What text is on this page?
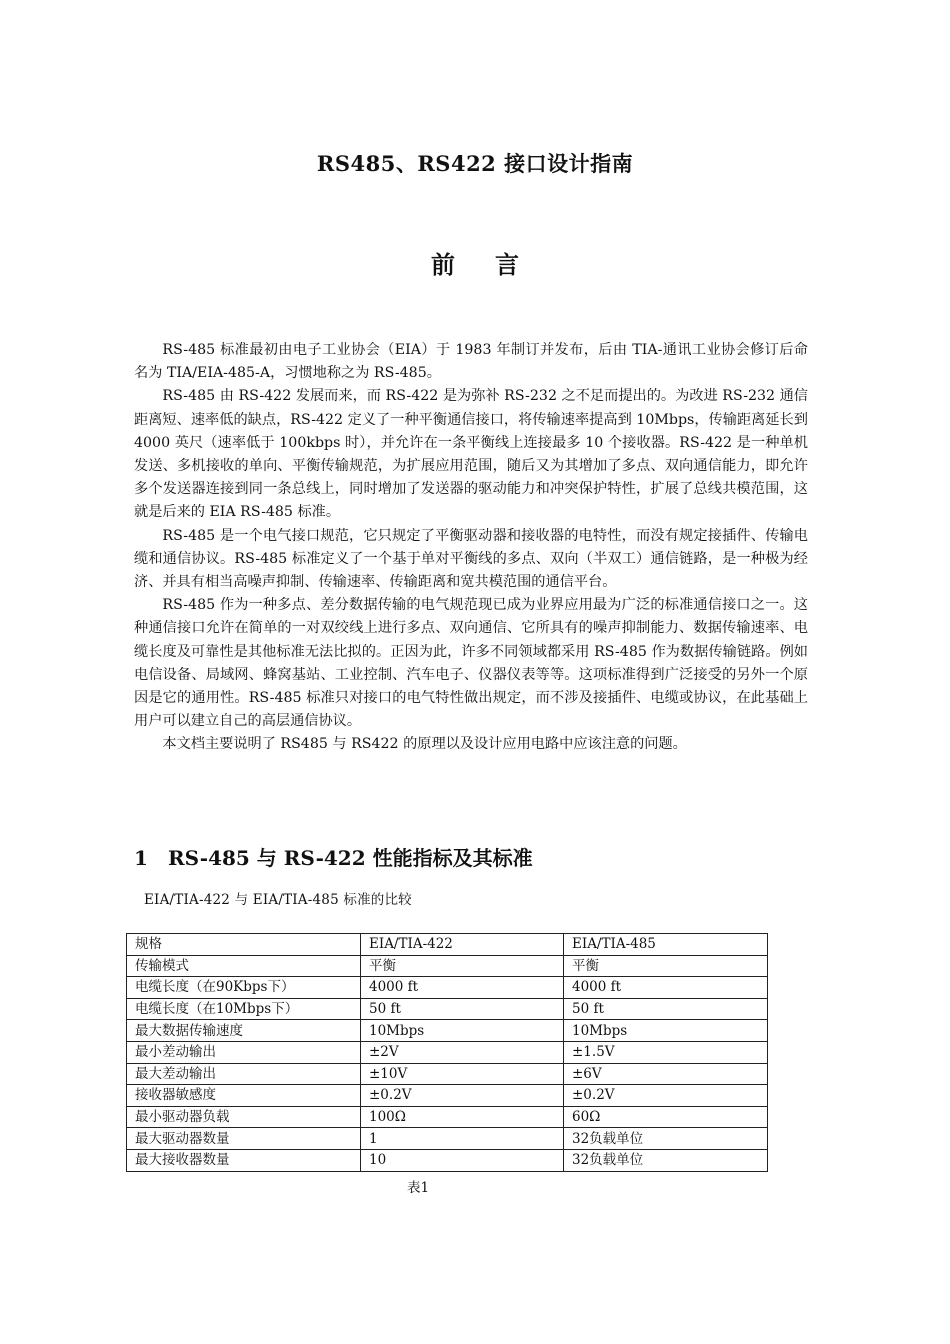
RS485、RS422 接口设计指南
前言

RS-485 标准最初由电子工业协会（EIA）于 1983 年制订并发布，后由 TIA-通讯工业协会修订后命名为 TIA/EIA-485-A，习惯地称之为 RS-485。

RS-485 由 RS-422 发展而来，而 RS-422 是为弥补 RS-232 之不足而提出的。为改进 RS-232 通信距离短、速率低的缺点，RS-422 定义了一种平衡通信接口，将传输速率提高到 10Mbps，传输距离延长到 4000 英尺（速率低于 100kbps 时），并允许在一条平衡线上连接最多 10 个接收器。RS-422 是一种单机发送、多机接收的单向、平衡传输规范，为扩展应用范围，随后又为其增加了多点、双向通信能力，即允许多个发送器连接到同一条总线上，同时增加了发送器的驱动能力和冲突保护特性，扩展了总线共模范围，这就是后来的 EIA RS-485 标准。

RS-485 是一个电气接口规范，它只规定了平衡驱动器和接收器的电特性，而没有规定接插件、传输电缆和通信协议。RS-485 标准定义了一个基于单对平衡线的多点、双向（半双工）通信链路，是一种极为经济、并具有相当高噪声抑制、传输速率、传输距离和宽共模范围的通信平台。

RS-485 作为一种多点、差分数据传输的电气规范现已成为业界应用最为广泛的标准通信接口之一。这种通信接口允许在简单的一对双绞线上进行多点、双向通信、它所具有的噪声抑制能力、数据传输速率、电缆长度及可靠性是其他标准无法比拟的。正因为此，许多不同领域都采用 RS-485 作为数据传输链路。例如电信设备、局域网、蜂窝基站、工业控制、汽车电子、仪器仪表等等。这项标准得到广泛接受的另外一个原因是它的通用性。RS-485 标准只对接口的电气特性做出规定，而不涉及接插件、电缆或协议，在此基础上用户可以建立自己的高层通信协议。

本文档主要说明了 RS485 与 RS422 的原理以及设计应用电路中应该注意的问题。

1 RS-485 与 RS-422 性能指标及其标准
EIA/TIA-422 与 EIA/TIA-485 标准的比较
规格	EIA/TIA-422	EIA/TIA-485
传输模式	平衡	平衡
电缆长度（在90Kbps下）	4000 ft	4000 ft
电缆长度（在10Mbps下）	50 ft	50 ft
最大数据传输速度	10Mbps	10Mbps
最小差动输出	±2V	±1.5V
最大差动输出	±10V	±6V
接收器敏感度	±0.2V	±0.2V
最小驱动器负载	100Ω	60Ω
最大驱动器数量	1	32负载单位
最大接收器数量	10	32负载单位
表1
